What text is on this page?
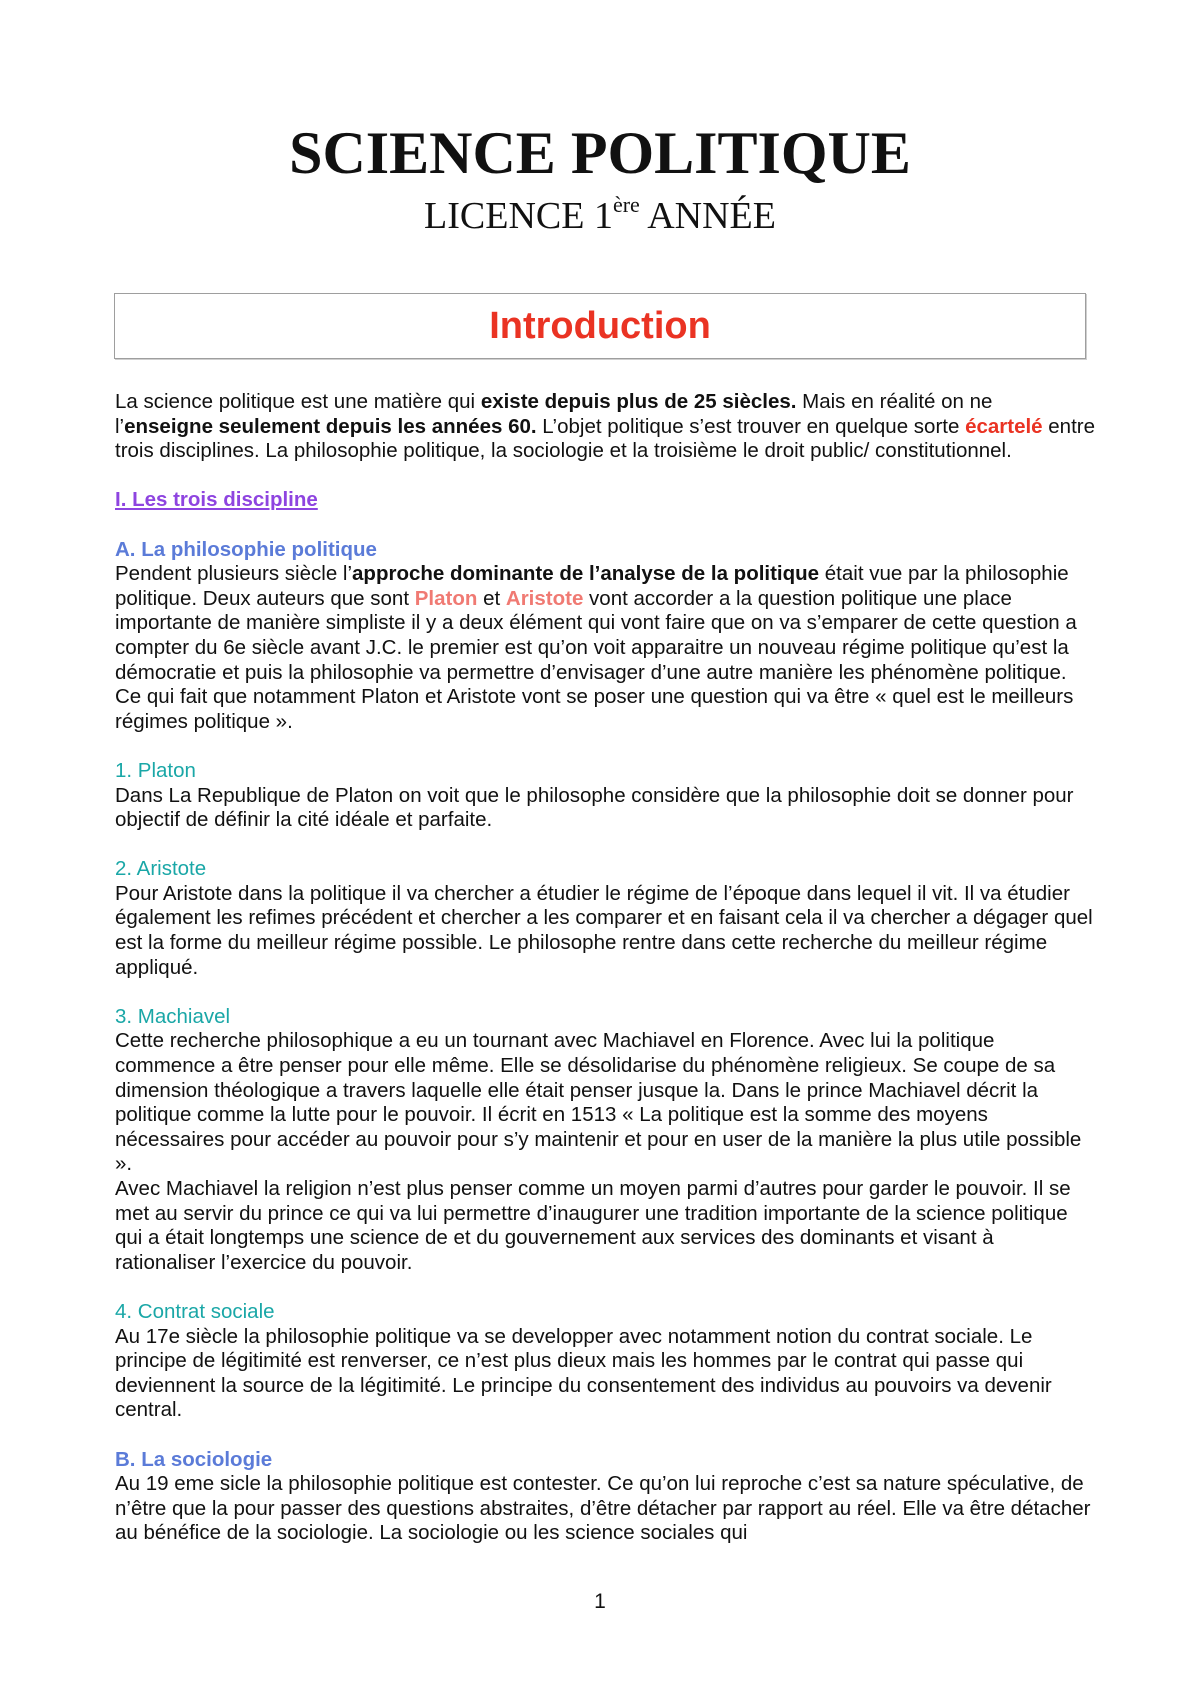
SCIENCE POLITIQUE

LICENCE 1ère ANNÉE

Introduction

La science politique est une matière qui existe depuis plus de 25 siècles. Mais en réalité on ne l’enseigne seulement depuis les années 60. L’objet politique s’est trouver en quelque sorte écartelé entre trois disciplines. La philosophie politique, la sociologie et la troisième le droit public/ constitutionnel.

I. Les trois discipline

A. La philosophie politique

Pendent plusieurs siècle l’approche dominante de l’analyse de la politique était vue par la philosophie politique. Deux auteurs que sont Platon et Aristote vont accorder a la question politique une place importante de manière simpliste il y a deux élément qui vont faire que on va s’emparer de cette question a compter du 6e siècle avant J.C. le premier est qu’on voit apparaitre un nouveau régime politique qu’est la démocratie et puis la philosophie va permettre d’envisager d’une autre manière les phénomène politique. Ce qui fait que notamment Platon et Aristote vont se poser une question qui va être « quel est le meilleurs régimes politique ».

1. Platon

Dans La Republique de Platon on voit que le philosophe considère que la philosophie doit se donner pour objectif de définir la cité idéale et parfaite.

2. Aristote

Pour Aristote dans la politique il va chercher a étudier le régime de l’époque dans lequel il vit. Il va étudier également les refimes précédent et chercher a les comparer et en faisant cela il va chercher a dégager quel est la forme du meilleur régime possible. Le philosophe rentre dans cette recherche du meilleur régime appliqué.

3. Machiavel

Cette recherche philosophique a eu un tournant avec Machiavel en Florence. Avec lui la politique commence a être penser pour elle même. Elle se désolidarise du phénomène religieux. Se coupe de sa dimension théologique a travers laquelle elle était penser jusque la. Dans le prince Machiavel décrit la politique comme la lutte pour le pouvoir. Il écrit en 1513 « La politique est la somme des moyens nécessaires pour accéder au pouvoir pour s’y maintenir et pour en user de la manière la plus utile possible ».

Avec Machiavel la religion n’est plus penser comme un moyen parmi d’autres pour garder le pouvoir. Il se met au servir du prince ce qui va lui permettre d’inaugurer une tradition importante de la science politique qui a était longtemps une science de et du gouvernement aux services des dominants et visant à rationaliser l’exercice du pouvoir.

4. Contrat sociale

Au 17e siècle la philosophie politique va se developper avec notamment notion du contrat sociale. Le principe de légitimité est renverser, ce n’est plus dieux mais les hommes par le contrat qui passe qui deviennent la source de la légitimité. Le principe du consentement des individus au pouvoirs va devenir central.

B. La sociologie

Au 19 eme sicle la philosophie politique est contester. Ce qu’on lui reproche c’est sa nature spéculative, de n’être que la pour passer des questions abstraites, d’être détacher par rapport au réel. Elle va être détacher au bénéfice de la sociologie. La sociologie ou les science sociales qui

1
